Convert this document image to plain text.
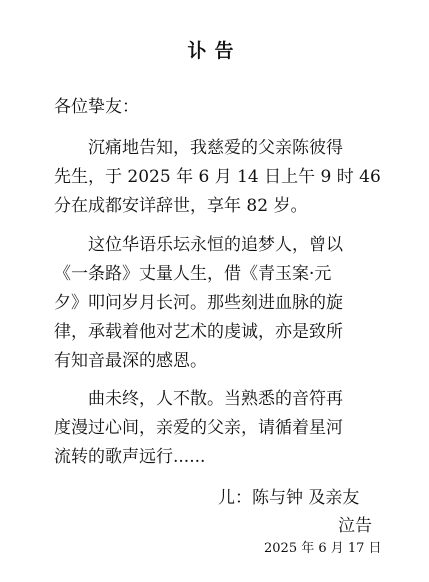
讣告
各位挚友：
沉痛地告知，我慈爱的父亲陈彼得
先生，于 2025 年 6 月 14 日上午 9 时 46
分在成都安详辞世，享年 82 岁。
这位华语乐坛永恒的追梦人，曾以
《一条路》丈量人生，借《青玉案·元
夕》叩问岁月长河。那些刻进血脉的旋
律，承载着他对艺术的虔诚，亦是致所
有知音最深的感恩。
曲未终，人不散。当熟悉的音符再
度漫过心间，亲爱的父亲，请循着星河
流转的歌声远行......
儿：陈与钟 及亲友
泣告
2025 年 6 月 17 日
